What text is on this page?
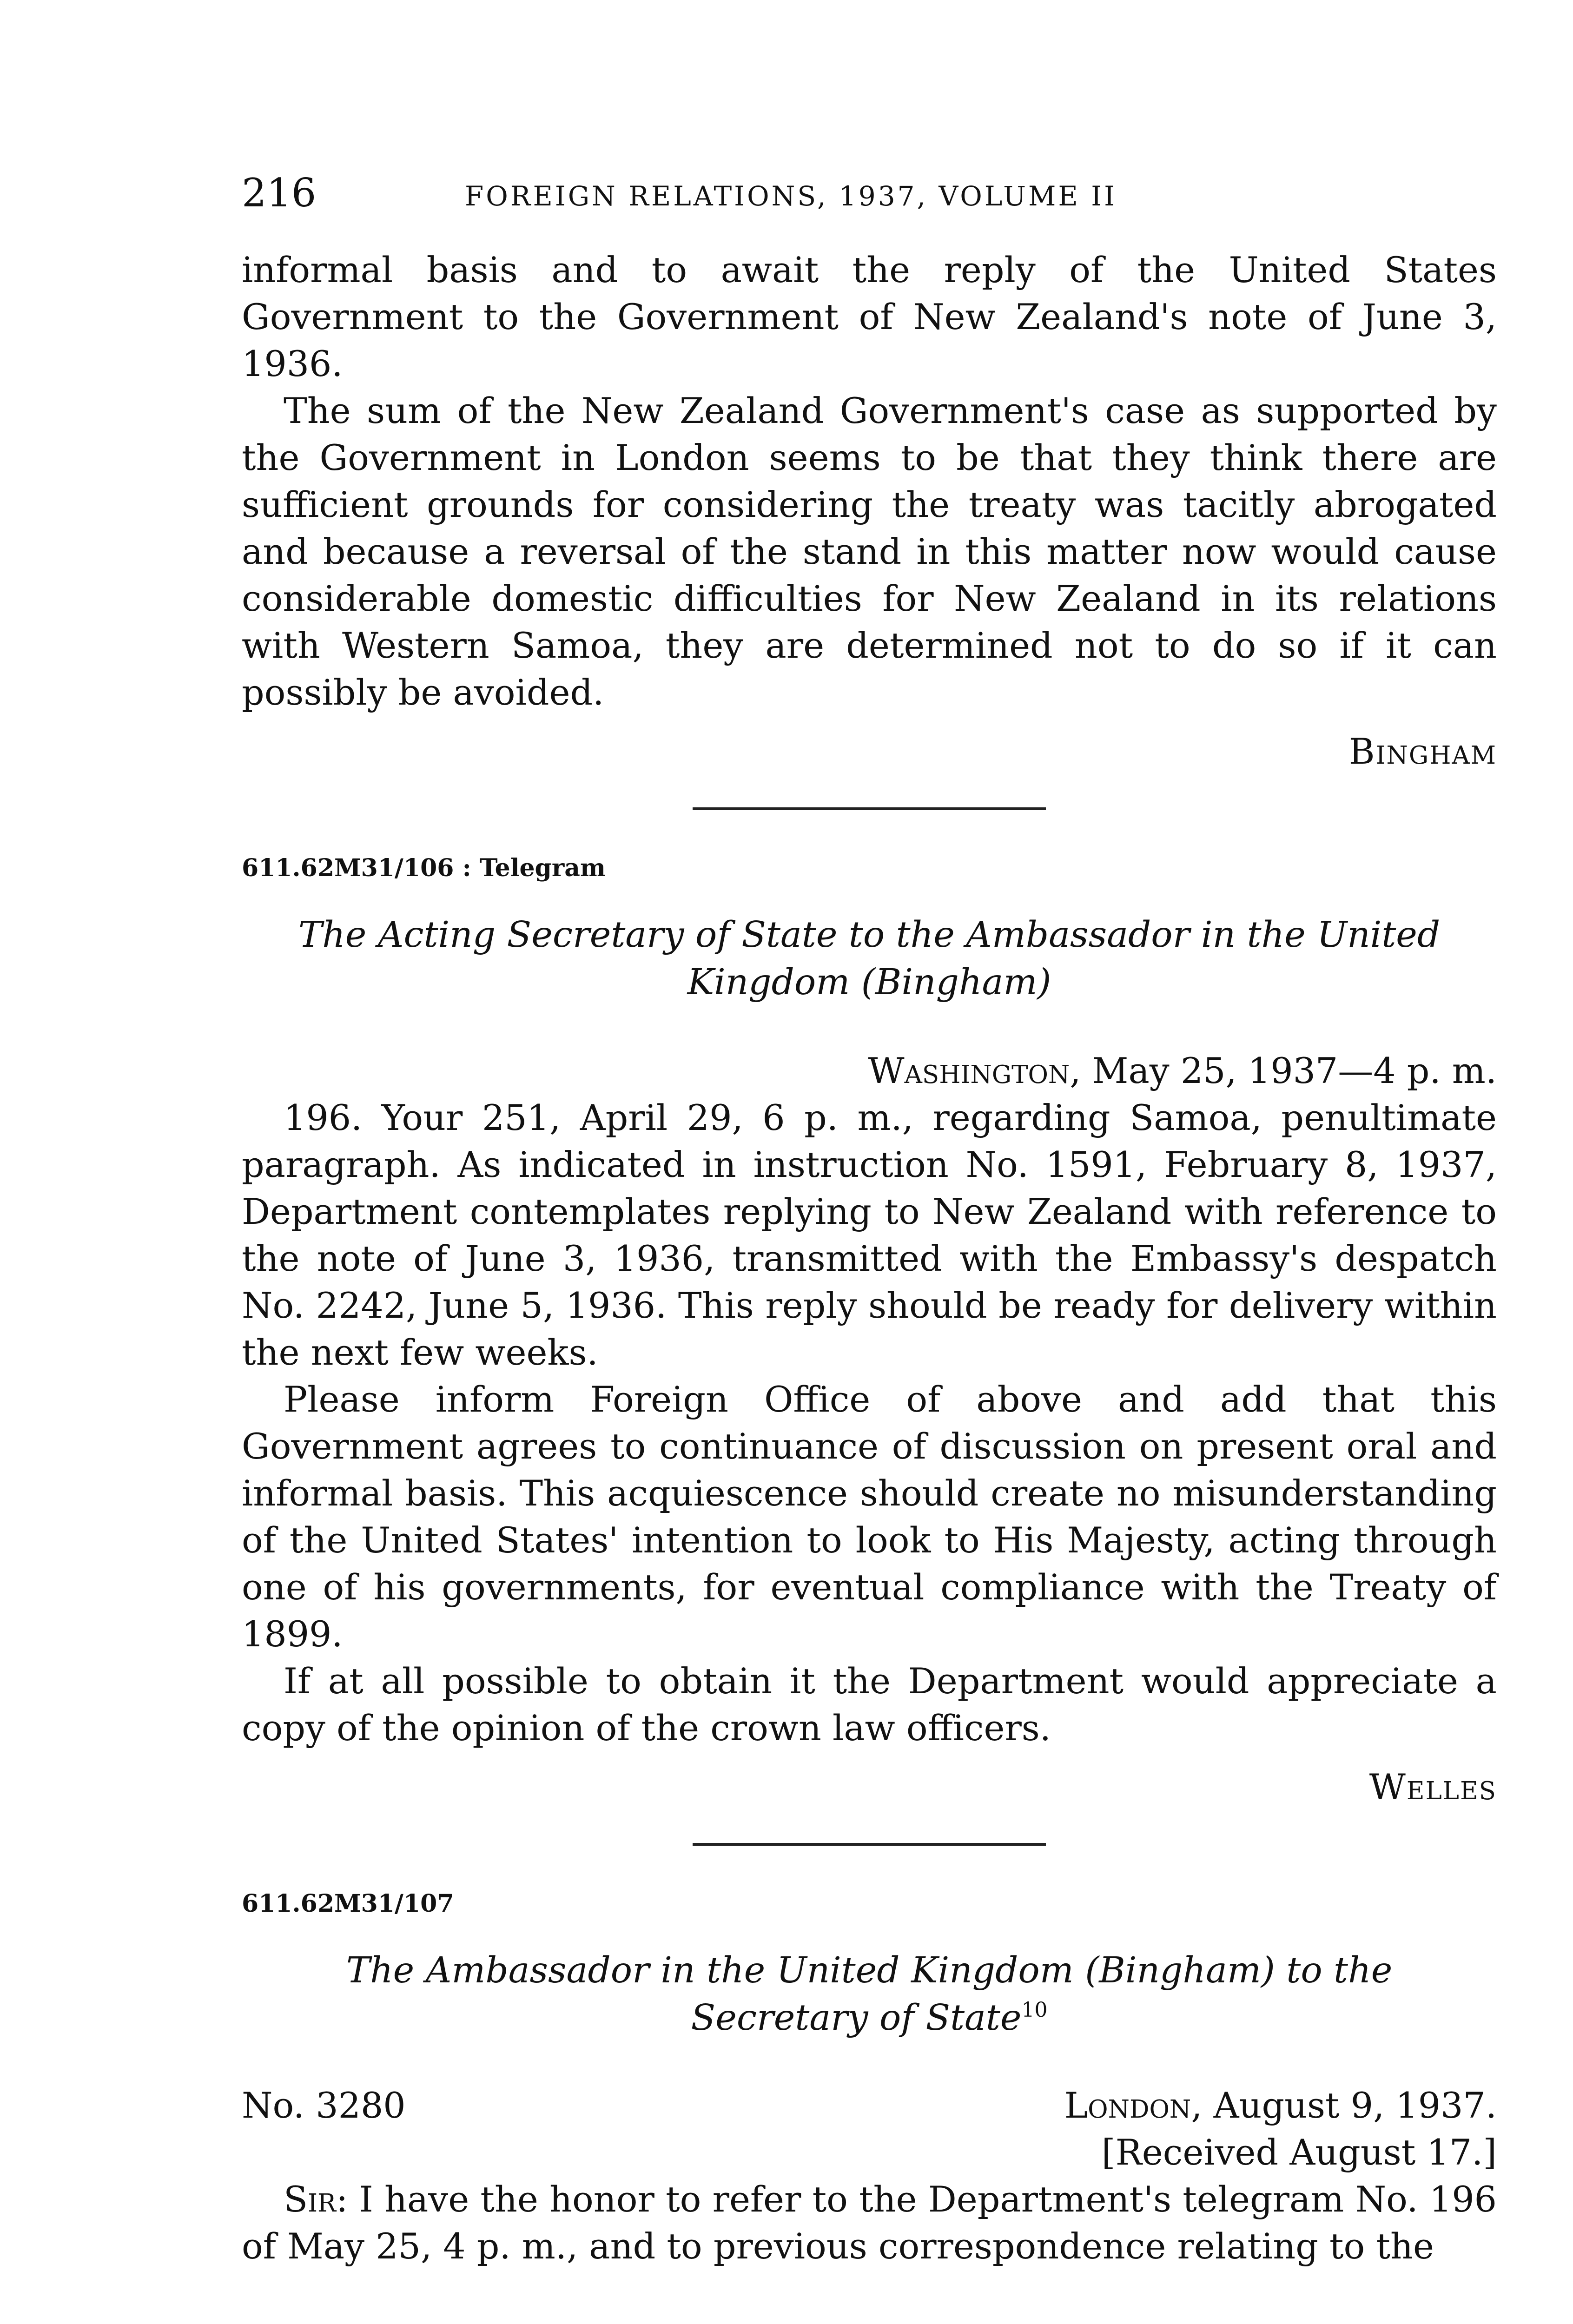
216	FOREIGN RELATIONS, 1937, VOLUME II

informal basis and to await the reply of the United States Government to the Government of New Zealand's note of June 3, 1936.

The sum of the New Zealand Government's case as supported by the Government in London seems to be that they think there are sufficient grounds for considering the treaty was tacitly abrogated and because a reversal of the stand in this matter now would cause considerable domestic difficulties for New Zealand in its relations with Western Samoa, they are determined not to do so if it can possibly be avoided.

Bingham
611.62M31/106 : Telegram
The Acting Secretary of State to the Ambassador in the United Kingdom (Bingham)
Washington, May 25, 1937—4 p. m.

196. Your 251, April 29, 6 p. m., regarding Samoa, penultimate paragraph. As indicated in instruction No. 1591, February 8, 1937, Department contemplates replying to New Zealand with reference to the note of June 3, 1936, transmitted with the Embassy's despatch No. 2242, June 5, 1936. This reply should be ready for delivery within the next few weeks.

Please inform Foreign Office of above and add that this Government agrees to continuance of discussion on present oral and informal basis. This acquiescence should create no misunderstanding of the United States' intention to look to His Majesty, acting through one of his governments, for eventual compliance with the Treaty of 1899.

If at all possible to obtain it the Department would appreciate a copy of the opinion of the crown law officers.

Welles
611.62M31/107
The Ambassador in the United Kingdom (Bingham) to the Secretary of State$^{10}$
No. 3280	London, August 9, 1937.
[Received August 17.]

Sir: I have the honor to refer to the Department's telegram No. 196 of May 25, 4 p. m., and to previous correspondence relating to the
